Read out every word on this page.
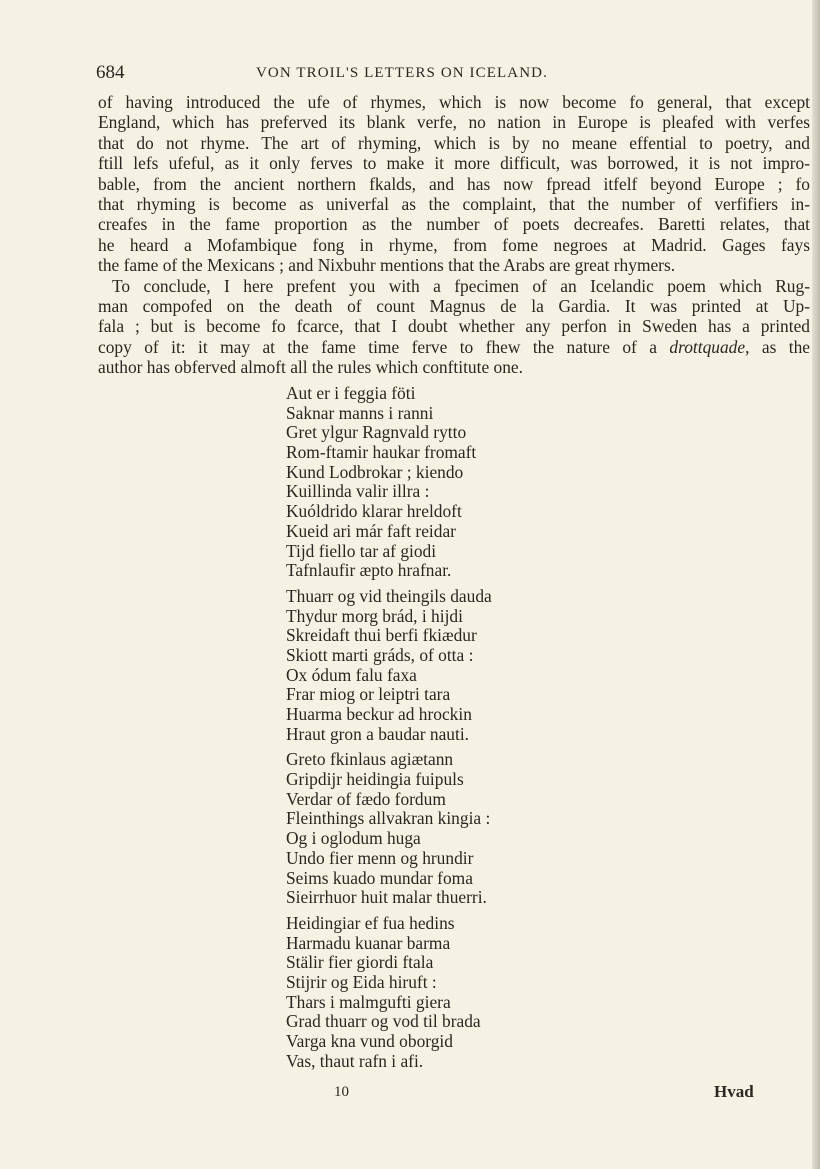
684	VON TROIL'S LETTERS ON ICELAND.
of having introduced the ufe of rhymes, which is now become fo general, that except
England, which has preferved its blank verfe, no nation in Europe is pleafed with verfes
that do not rhyme. The art of rhyming, which is by no meane effential to poetry, and
ftill lefs ufeful, as it only ferves to make it more difficult, was borrowed, it is not impro-
bable, from the ancient northern fkalds, and has now fpread itfelf beyond Europe ; fo
that rhyming is become as univerfal as the complaint, that the number of verfifiers in-
creafes in the fame proportion as the number of poets decreafes. Baretti relates, that
he heard a Mofambique fong in rhyme, from fome negroes at Madrid. Gages fays
the fame of the Mexicans ; and Nixbuhr mentions that the Arabs are great rhymers.
To conclude, I here prefent you with a fpecimen of an Icelandic poem which Rug-
man compofed on the death of count Magnus de la Gardia. It was printed at Up-
fala ; but is become fo fcarce, that I doubt whether any perfon in Sweden has a printed
copy of it: it may at the fame time ferve to fhew the nature of a drottquade, as the
author has obferved almoft all the rules which conftitute one.
Aut er i feggia föti
Saknar manns i ranni
Gret ylgur Ragnvald rytto
Rom-ftamir haukar fromaft
Kund Lodbrokar ; kiendo
Kuillinda valir illra :
Kuóldrido klarar hreldoft
Kueid ari már faft reidar
Tijd fiello tar af giodi
Tafnlaufir æpto hrafnar.
Thuarr og vid theingils dauda
Thydur morg brád, i hijdi
Skreidaft thui berfi fkiædur
Skiott marti gráds, of otta :
Ox ódum falu faxa
Frar miog or leiptri tara
Huarma beckur ad hrockin
Hraut gron a baudar nauti.
Greto fkinlaus agiætann
Gripdijr heidingia fuipuls
Verdar of fædo fordum
Fleinthings allvakran kingia :
Og i oglodum huga
Undo fier menn og hrundir
Seims kuado mundar foma
Sieirrhuor huit malar thuerri.
Heidingiar ef fua hedins
Harmadu kuanar barma
Stälir fier giordi ftala
Stijrir og Eida hiruft :
Thars i malmgufti giera
Grad thuarr og vod til brada
Varga kna vund oborgid
Vas, thaut rafn i afi.
10	Hvad
